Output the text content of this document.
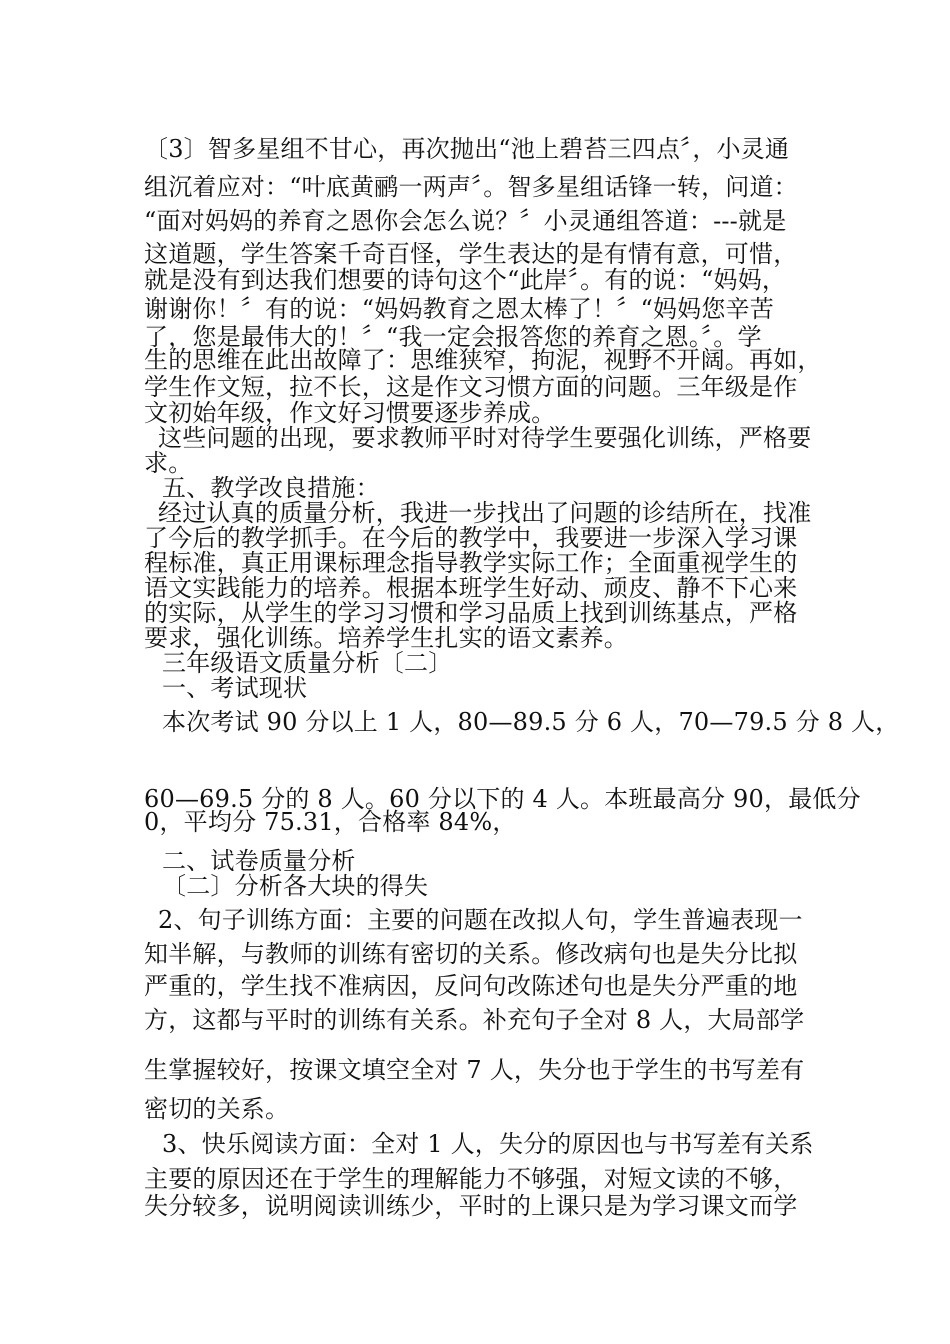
〔3〕智多星组不甘心，再次抛出“池上碧苔三四点〞，小灵通
组沉着应对：“叶底黄鹂一两声〞。智多星组话锋一转，问道：
“面对妈妈的养育之恩你会怎么说？〞小灵通组答道：---就是
这道题，学生答案千奇百怪，学生表达的是有情有意，可惜，
就是没有到达我们想要的诗句这个“此岸〞。有的说：“妈妈，
谢谢你！〞有的说：“妈妈教育之恩太棒了！〞“妈妈您辛苦
了，您是最伟大的！〞“我一定会报答您的养育之恩。〞。学
生的思维在此出故障了：思维狭窄，拘泥，视野不开阔。再如，
学生作文短，拉不长，这是作文习惯方面的问题。三年级是作
文初始年级，作文好习惯要逐步养成。
这些问题的出现，要求教师平时对待学生要强化训练，严格要
求。
五、教学改良措施：
经过认真的质量分析，我进一步找出了问题的诊结所在，找准
了今后的教学抓手。在今后的教学中，我要进一步深入学习课
程标准，真正用课标理念指导教学实际工作；全面重视学生的
语文实践能力的培养。根据本班学生好动、顽皮、静不下心来
的实际，从学生的学习习惯和学习品质上找到训练基点，严格
要求，强化训练。培养学生扎实的语文素养。
三年级语文质量分析〔二〕
一、考试现状
本次考试 90 分以上 1 人，80—89.5 分 6 人，70—79.5 分 8 人，
60—69.5 分的 8 人。60 分以下的 4 人。本班最高分 90，最低分
0，平均分 75.31，合格率 84%，
二、试卷质量分析
〔二〕分析各大块的得失
2、句子训练方面：主要的问题在改拟人句，学生普遍表现一
知半解，与教师的训练有密切的关系。修改病句也是失分比拟
严重的，学生找不准病因，反问句改陈述句也是失分严重的地
方，这都与平时的训练有关系。补充句子全对 8 人，大局部学
生掌握较好，按课文填空全对 7 人，失分也于学生的书写差有
密切的关系。
3、快乐阅读方面：全对 1 人，失分的原因也与书写差有关系
主要的原因还在于学生的理解能力不够强，对短文读的不够，
失分较多，说明阅读训练少，平时的上课只是为学习课文而学
